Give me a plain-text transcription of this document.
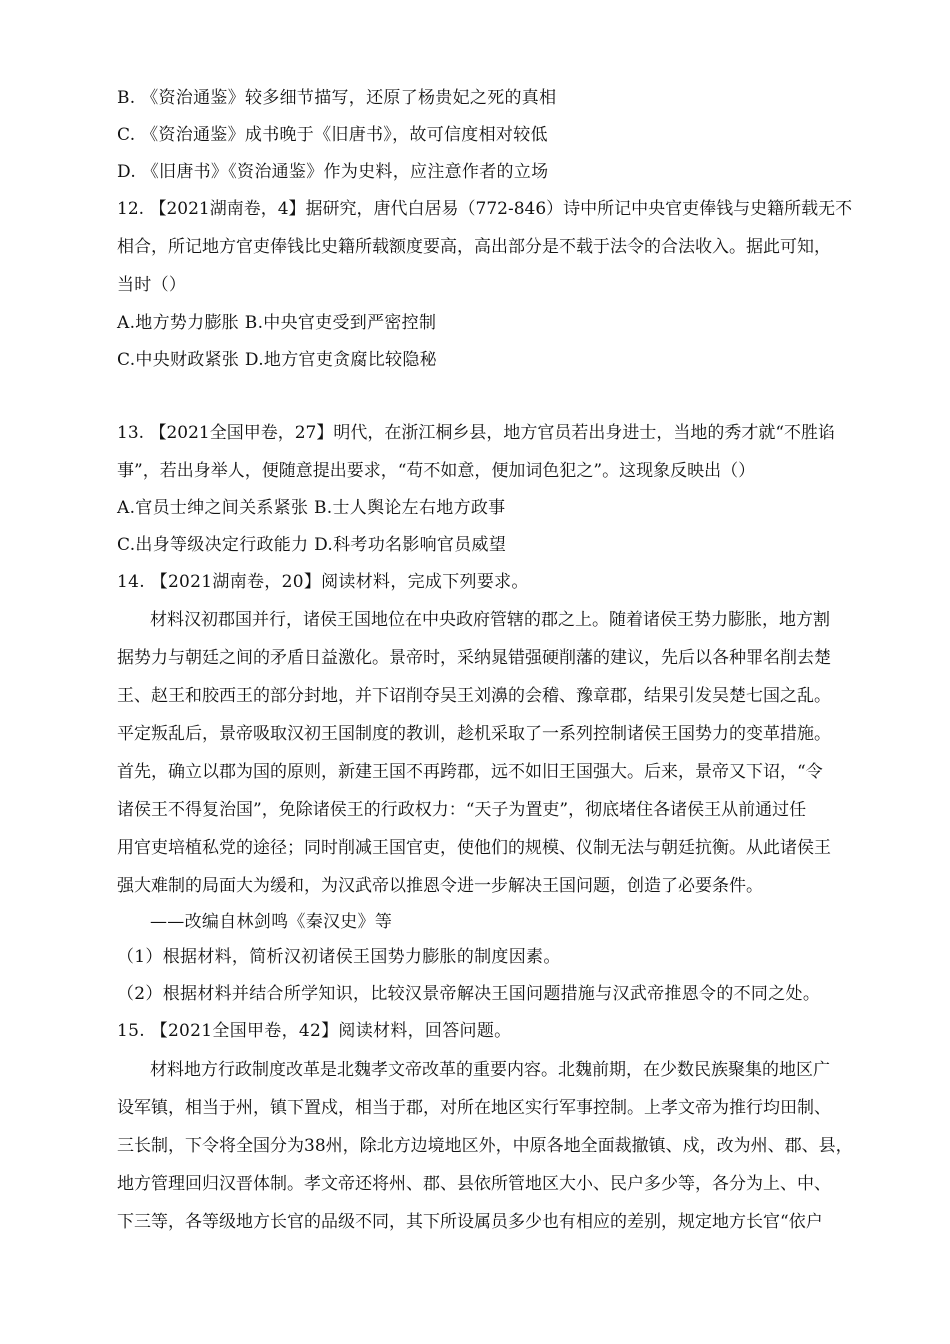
B. 《资治通鉴》较多细节描写，还原了杨贵妃之死的真相
C. 《资治通鉴》成书晚于《旧唐书》，故可信度相对较低
D. 《旧唐书》《资治通鉴》作为史料，应注意作者的立场
12. 【2021湖南卷，4】据研究，唐代白居易（772-846）诗中所记中央官吏俸钱与史籍所载无不
相合，所记地方官吏俸钱比史籍所载额度要高，高出部分是不载于法令的合法收入。据此可知，
当时（）
A.地方势力膨胀 B.中央官吏受到严密控制
C.中央财政紧张 D.地方官吏贪腐比较隐秘
13. 【2021全国甲卷，27】明代，在浙江桐乡县，地方官员若出身进士，当地的秀才就“不胜谄
事”，若出身举人，便随意提出要求，“苟不如意，便加词色犯之”。这现象反映出（）
A.官员士绅之间关系紧张 B.士人舆论左右地方政事
C.出身等级决定行政能力 D.科考功名影响官员威望
14. 【2021湖南卷，20】阅读材料，完成下列要求。
材料汉初郡国并行，诸侯王国地位在中央政府管辖的郡之上。随着诸侯王势力膨胀，地方割
据势力与朝廷之间的矛盾日益激化。景帝时，采纳晁错强硬削藩的建议，先后以各种罪名削去楚
王、赵王和胶西王的部分封地，并下诏削夺吴王刘濞的会稽、豫章郡，结果引发吴楚七国之乱。
平定叛乱后，景帝吸取汉初王国制度的教训，趁机采取了一系列控制诸侯王国势力的变革措施。
首先，确立以郡为国的原则，新建王国不再跨郡，远不如旧王国强大。后来，景帝又下诏，“令
诸侯王不得复治国”，免除诸侯王的行政权力：“天子为置吏”，彻底堵住各诸侯王从前通过任
用官吏培植私党的途径；同时削减王国官吏，使他们的规模、仪制无法与朝廷抗衡。从此诸侯王
强大难制的局面大为缓和，为汉武帝以推恩令进一步解决王国问题，创造了必要条件。
——改编自林剑鸣《秦汉史》等
（1）根据材料，简析汉初诸侯王国势力膨胀的制度因素。
（2）根据材料并结合所学知识，比较汉景帝解决王国问题措施与汉武帝推恩令的不同之处。
15. 【2021全国甲卷，42】阅读材料，回答问题。
材料地方行政制度改革是北魏孝文帝改革的重要内容。北魏前期，在少数民族聚集的地区广
设军镇，相当于州，镇下置戍，相当于郡，对所在地区实行军事控制。上孝文帝为推行均田制、
三长制，下令将全国分为38州，除北方边境地区外，中原各地全面裁撤镇、戍，改为州、郡、县，
地方管理回归汉晋体制。孝文帝还将州、郡、县依所管地区大小、民户多少等，各分为上、中、
下三等，各等级地方长官的品级不同，其下所设属员多少也有相应的差别，规定地方长官“依户
